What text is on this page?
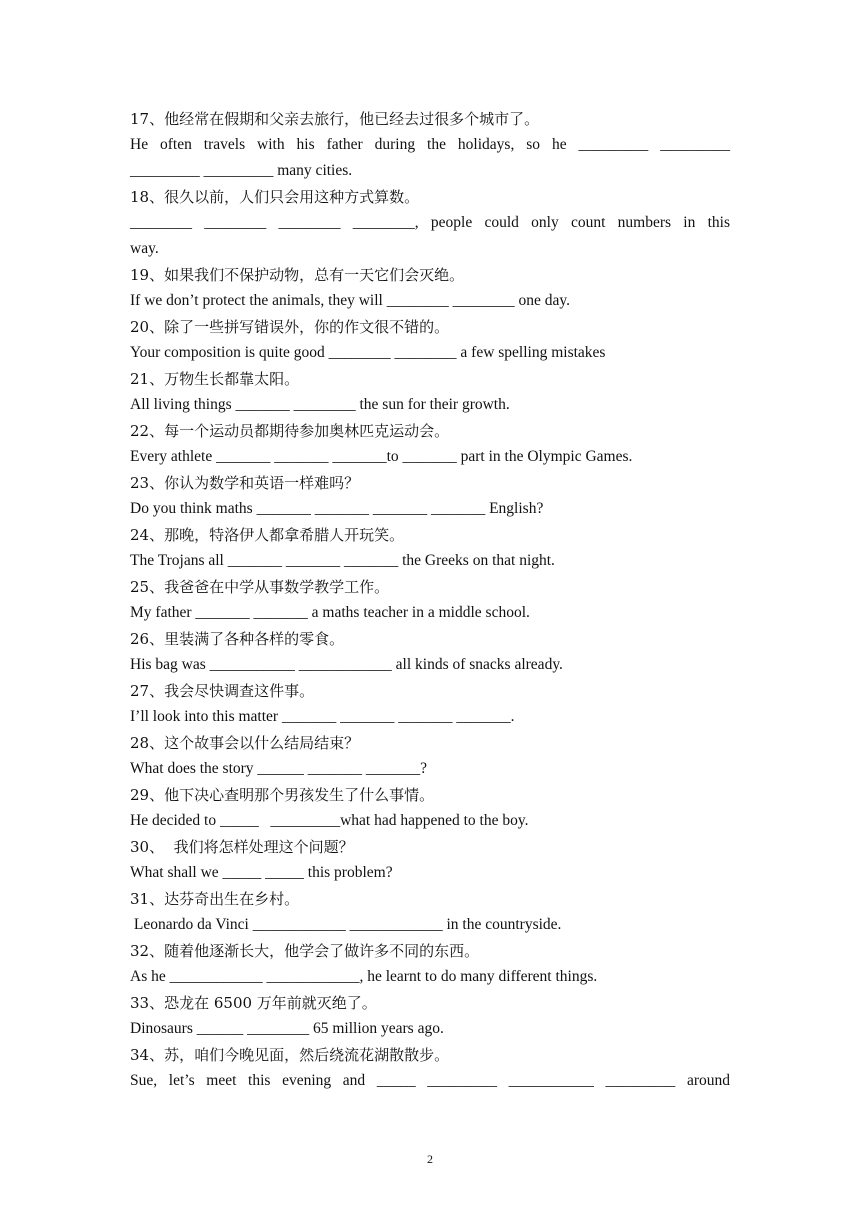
17、他经常在假期和父亲去旅行，他已经去过很多个城市了。
He often travels with his father during the holidays, so he _________ _________
_________ _________ many cities.
18、很久以前，人们只会用这种方式算数。
________ ________ ________ ________, people could only count numbers in this
way.
19、如果我们不保护动物，总有一天它们会灭绝。
If we don’t protect the animals, they will ________ ________ one day.
20、除了一些拼写错误外，你的作文很不错的。
Your composition is quite good ________ ________ a few spelling mistakes
21、万物生长都靠太阳。
All living things _______ ________ the sun for their growth.
22、每一个运动员都期待参加奥林匹克运动会。
Every athlete _______ _______ _______to _______ part in the Olympic Games.
23、你认为数学和英语一样难吗？
Do you think maths _______ _______ _______ _______ English?
24、那晚，特洛伊人都拿希腊人开玩笑。
The Trojans all _______ _______ _______ the Greeks on that night.
25、我爸爸在中学从事数学教学工作。
My father _______ _______ a maths teacher in a middle school.
26、里装满了各种各样的零食。
His bag was ___________ ____________ all kinds of snacks already.
27、我会尽快调查这件事。
I’ll look into this matter _______ _______ _______ _______.
28、这个故事会以什么结局结束？
What does the story ______ _______ _______?
29、他下决心查明那个男孩发生了什么事情。
He decided to _____   _________what had happened to the boy.
30、  我们将怎样处理这个问题？
What shall we _____ _____ this problem?
31、达芬奇出生在乡村。
Leonardo da Vinci ____________ ____________ in the countryside.
32、随着他逐渐长大，他学会了做许多不同的东西。
As he ____________ ____________, he learnt to do many different things.
33、恐龙在 6500 万年前就灭绝了。
Dinosaurs ______ ________ 65 million years ago.
34、苏，咱们今晚见面，然后绕流花湖散散步。
Sue, let’s meet this evening and _____ _________ ___________ _________ around
2
